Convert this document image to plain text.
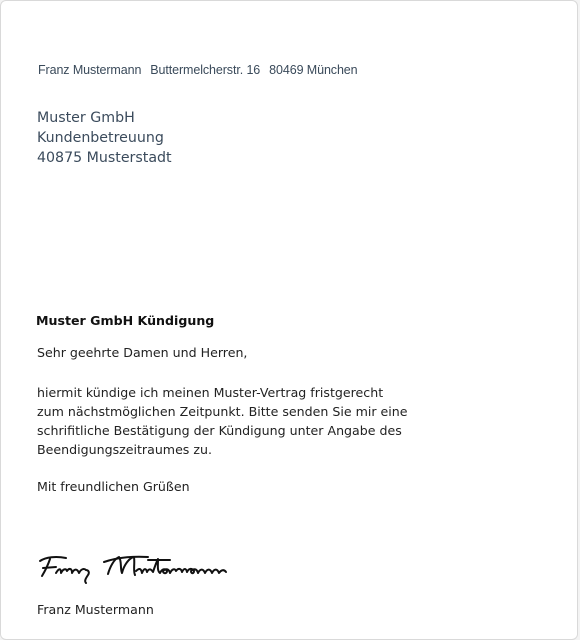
Franz Mustermann Buttermelcherstr. 16 80469 München
Muster GmbH
Kundenbetreuung
40875 Musterstadt
Muster GmbH Kündigung
Sehr geehrte Damen und Herren,
hiermit kündige ich meinen Muster-Vertrag fristgerecht
zum nächstmöglichen Zeitpunkt. Bitte senden Sie mir eine
schrifitliche Bestätigung der Kündigung unter Angabe des
Beendigungszeitraumes zu.
Mit freundlichen Grüßen
Franz Mustermann
